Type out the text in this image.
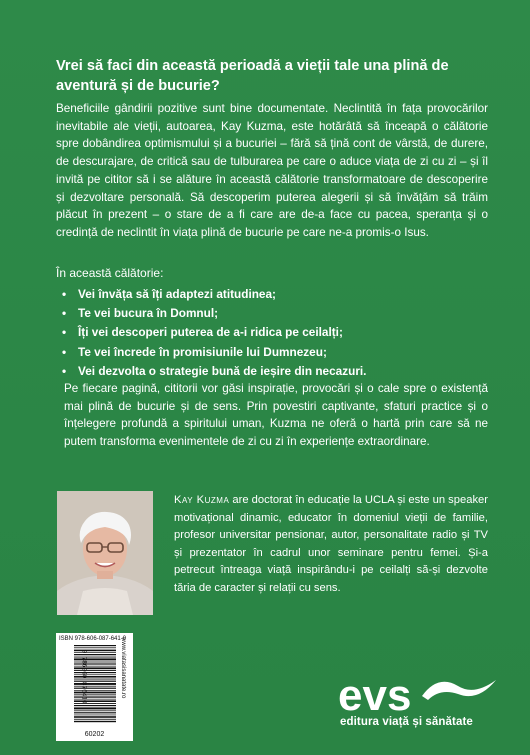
Vrei să faci din această perioadă a vieții tale una plină de aventură și de bucurie?

Beneficiile gândirii pozitive sunt bine documentate. Neclintită în fața provocărilor inevitabile ale vieții, autoarea, Kay Kuzma, este hotărâtă să înceapă o călătorie spre dobândirea optimismului și a bucuriei – fără să țină cont de vârstă, de durere, de descurajare, de critică sau de tulburarea pe care o aduce viața de zi cu zi – și îl invită pe cititor să i se alăture în această călătorie transformatoare de descoperire și dezvoltare personală. Să descoperim puterea alegerii și să învățăm să trăim plăcut în prezent – o stare de a fi care are de-a face cu pacea, speranța și o credință de neclintit în viața plină de bucurie pe care ne-a promis-o Isus.

În această călătorie:

• Vei învăța să îți adaptezi atitudinea;
• Te vei bucura în Domnul;
• Îți vei descoperi puterea de a-i ridica pe ceilalți;
• Te vei încrede în promisiunile lui Dumnezeu;
• Vei dezvolta o strategie bună de ieșire din necazuri.

Pe fiecare pagină, cititorii vor găsi inspirație, provocări și o cale spre o existență mai plină de bucurie și de sens. Prin povestiri captivante, sfaturi practice și o înțelegere profundă a spiritului uman, Kuzma ne oferă o hartă prin care să ne putem transforma evenimentele de zi cu zi în experiențe extraordinare.

Kay Kuzma are doctorat în educație la UCLA și este un speaker motivațional dinamic, educator în domeniul vieții de familie, profesor universitar pensionar, autor, personalitate radio și TV și prezentator în cadrul unor seminare pentru femei. Și-a petrecut întreaga viață inspirându-i pe ceilalți să-și dezvolte tăria de caracter și relații cu sens.

ISBN 978-606-087-641-0
9 786060 876410	www.viatasisanatate.ro
60202
evs
editura viață și sănătate
